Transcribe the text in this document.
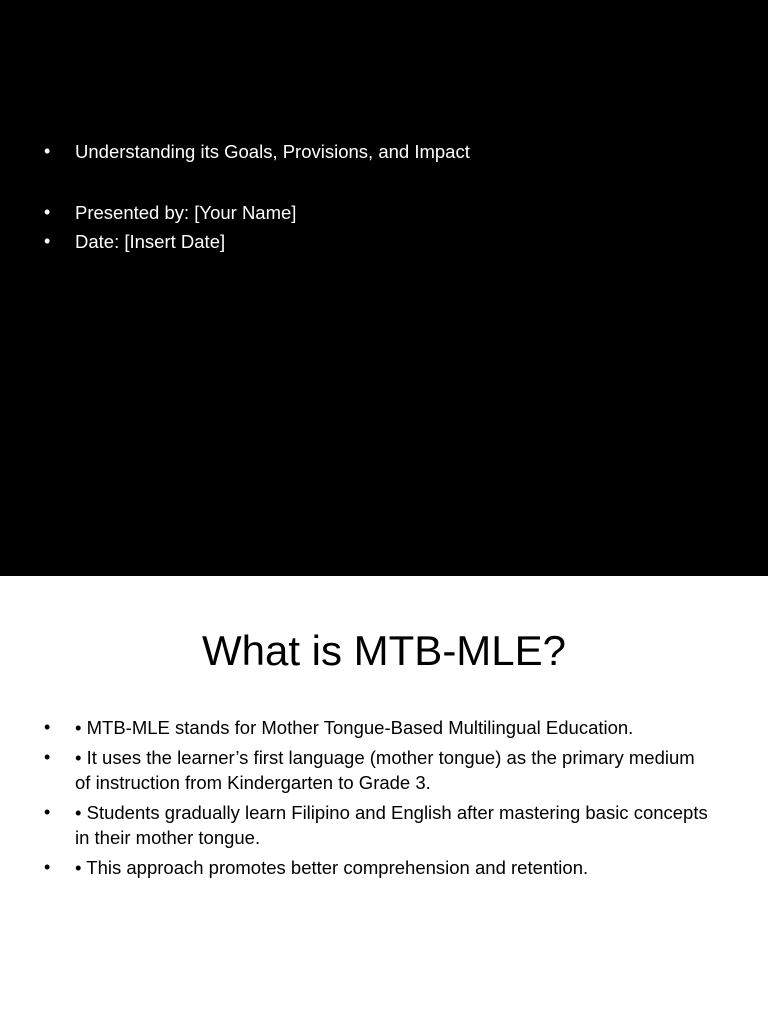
• Understanding its Goals, Provisions, and Impact
• Presented by: [Your Name]
• Date: [Insert Date]
What is MTB-MLE?
• • MTB-MLE stands for Mother Tongue-Based Multilingual Education.
• • It uses the learner’s first language (mother tongue) as the primary medium of instruction from Kindergarten to Grade 3.
• • Students gradually learn Filipino and English after mastering basic concepts in their mother tongue.
• • This approach promotes better comprehension and retention.
